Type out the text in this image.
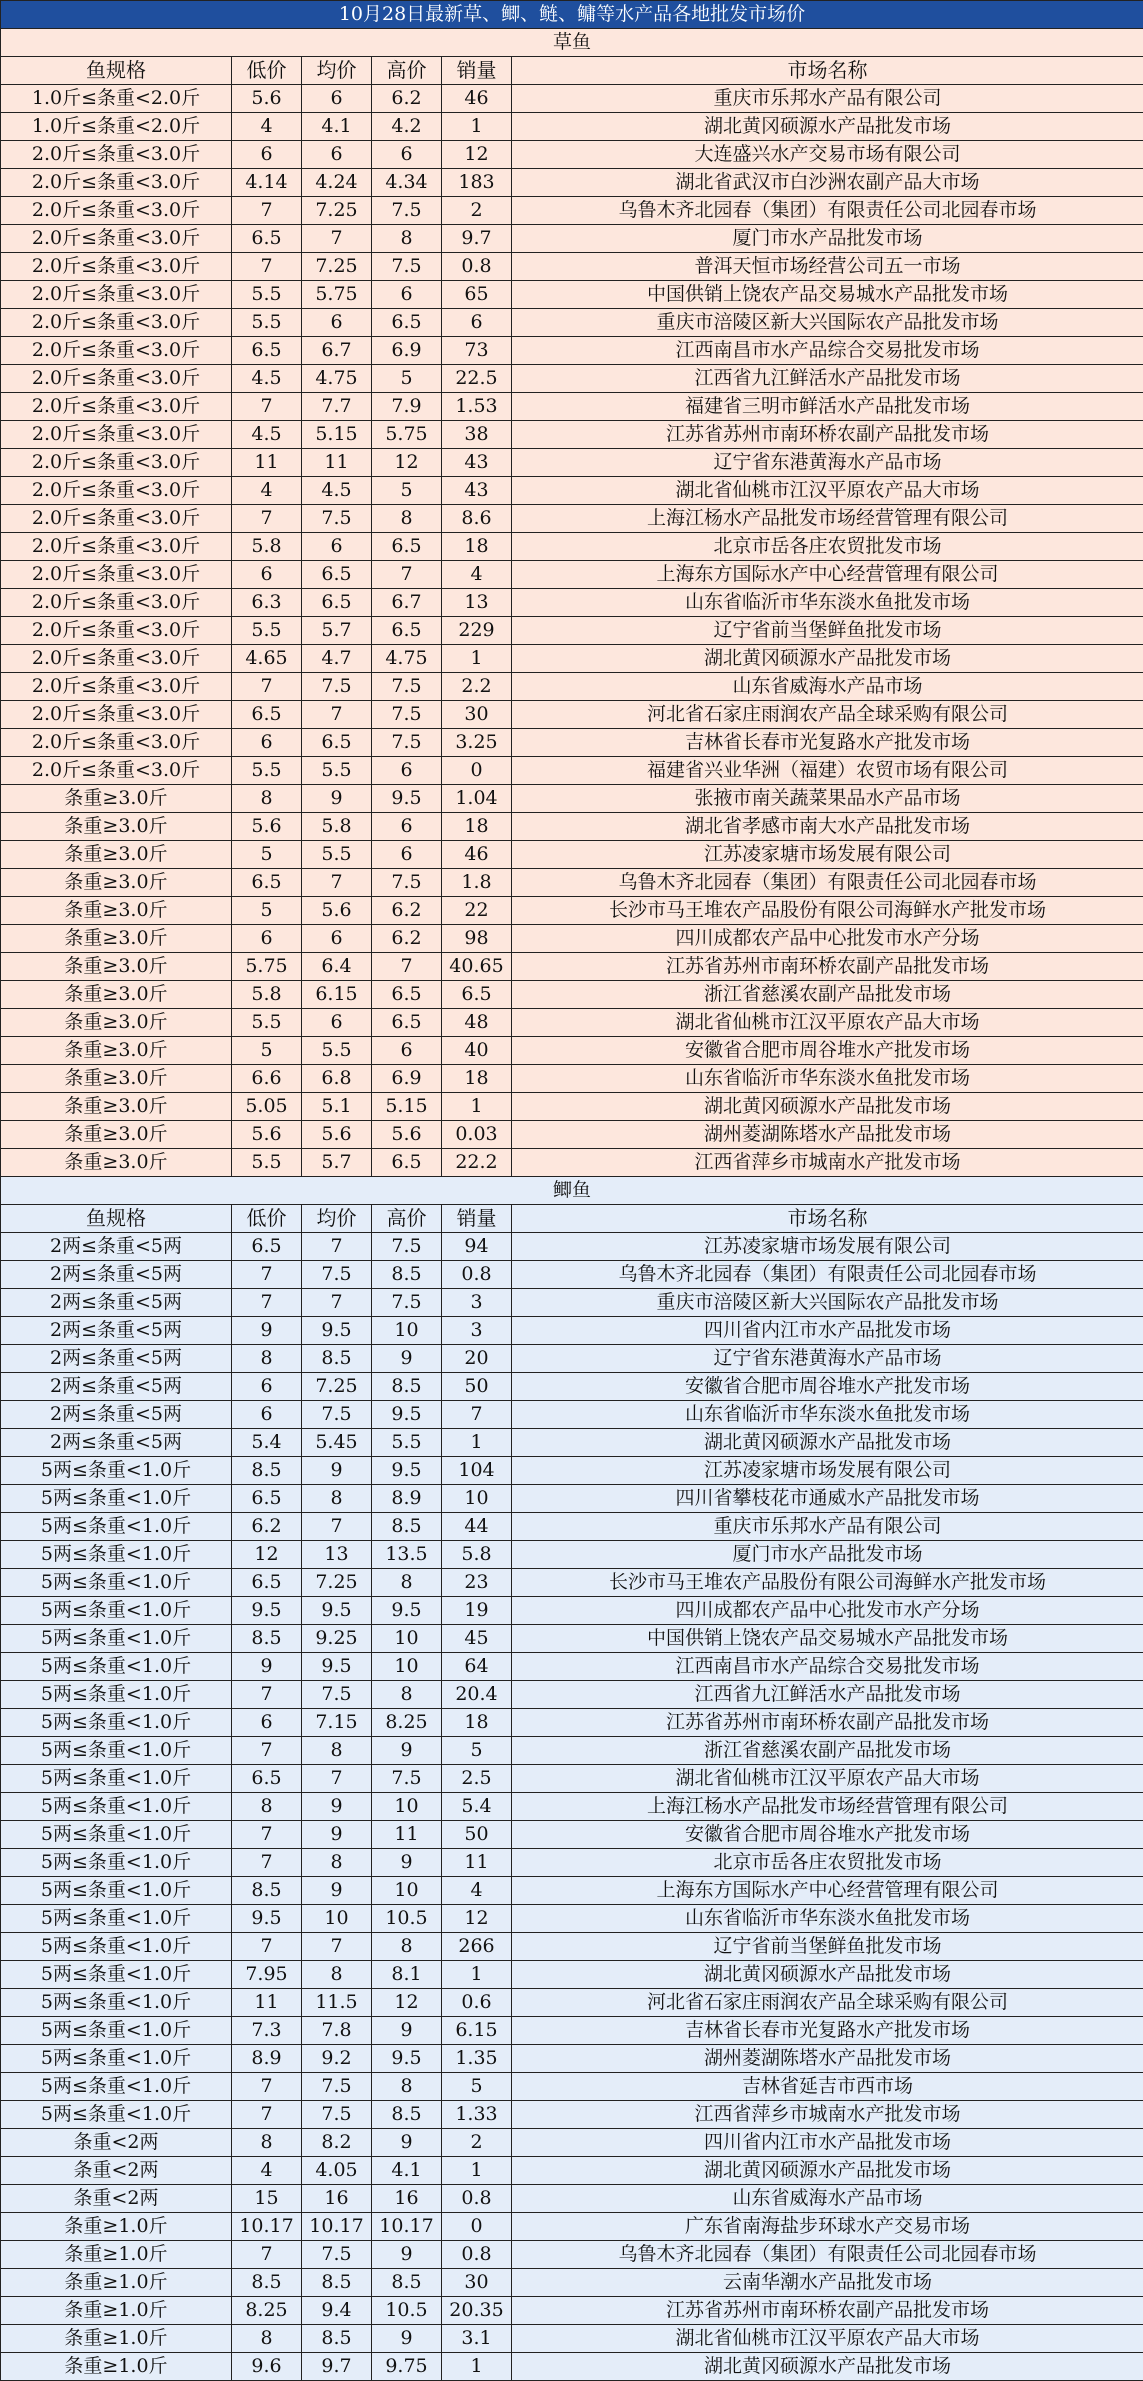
10月28日最新草、鲫、鲢、鳙等水产品各地批发市场价					
草鱼					
鱼规格	低价	均价	高价	销量	市场名称
1.0斤≤条重<2.0斤	5.6	6	6.2	46	重庆市乐邦水产品有限公司
1.0斤≤条重<2.0斤	4	4.1	4.2	1	湖北黄冈硕源水产品批发市场
2.0斤≤条重<3.0斤	6	6	6	12	大连盛兴水产交易市场有限公司
2.0斤≤条重<3.0斤	4.14	4.24	4.34	183	湖北省武汉市白沙洲农副产品大市场
2.0斤≤条重<3.0斤	7	7.25	7.5	2	乌鲁木齐北园春（集团）有限责任公司北园春市场
2.0斤≤条重<3.0斤	6.5	7	8	9.7	厦门市水产品批发市场
2.0斤≤条重<3.0斤	7	7.25	7.5	0.8	普洱天恒市场经营公司五一市场
2.0斤≤条重<3.0斤	5.5	5.75	6	65	中国供销上饶农产品交易城水产品批发市场
2.0斤≤条重<3.0斤	5.5	6	6.5	6	重庆市涪陵区新大兴国际农产品批发市场
2.0斤≤条重<3.0斤	6.5	6.7	6.9	73	江西南昌市水产品综合交易批发市场
2.0斤≤条重<3.0斤	4.5	4.75	5	22.5	江西省九江鲜活水产品批发市场
2.0斤≤条重<3.0斤	7	7.7	7.9	1.53	福建省三明市鲜活水产品批发市场
2.0斤≤条重<3.0斤	4.5	5.15	5.75	38	江苏省苏州市南环桥农副产品批发市场
2.0斤≤条重<3.0斤	11	11	12	43	辽宁省东港黄海水产品市场
2.0斤≤条重<3.0斤	4	4.5	5	43	湖北省仙桃市江汉平原农产品大市场
2.0斤≤条重<3.0斤	7	7.5	8	8.6	上海江杨水产品批发市场经营管理有限公司
2.0斤≤条重<3.0斤	5.8	6	6.5	18	北京市岳各庄农贸批发市场
2.0斤≤条重<3.0斤	6	6.5	7	4	上海东方国际水产中心经营管理有限公司
2.0斤≤条重<3.0斤	6.3	6.5	6.7	13	山东省临沂市华东淡水鱼批发市场
2.0斤≤条重<3.0斤	5.5	5.7	6.5	229	辽宁省前当堡鲜鱼批发市场
2.0斤≤条重<3.0斤	4.65	4.7	4.75	1	湖北黄冈硕源水产品批发市场
2.0斤≤条重<3.0斤	7	7.5	7.5	2.2	山东省威海水产品市场
2.0斤≤条重<3.0斤	6.5	7	7.5	30	河北省石家庄雨润农产品全球采购有限公司
2.0斤≤条重<3.0斤	6	6.5	7.5	3.25	吉林省长春市光复路水产批发市场
2.0斤≤条重<3.0斤	5.5	5.5	6	0	福建省兴业华洲（福建）农贸市场有限公司
条重≥3.0斤	8	9	9.5	1.04	张掖市南关蔬菜果品水产品市场
条重≥3.0斤	5.6	5.8	6	18	湖北省孝感市南大水产品批发市场
条重≥3.0斤	5	5.5	6	46	江苏凌家塘市场发展有限公司
条重≥3.0斤	6.5	7	7.5	1.8	乌鲁木齐北园春（集团）有限责任公司北园春市场
条重≥3.0斤	5	5.6	6.2	22	长沙市马王堆农产品股份有限公司海鲜水产批发市场
条重≥3.0斤	6	6	6.2	98	四川成都农产品中心批发市水产分场
条重≥3.0斤	5.75	6.4	7	40.65	江苏省苏州市南环桥农副产品批发市场
条重≥3.0斤	5.8	6.15	6.5	6.5	浙江省慈溪农副产品批发市场
条重≥3.0斤	5.5	6	6.5	48	湖北省仙桃市江汉平原农产品大市场
条重≥3.0斤	5	5.5	6	40	安徽省合肥市周谷堆水产批发市场
条重≥3.0斤	6.6	6.8	6.9	18	山东省临沂市华东淡水鱼批发市场
条重≥3.0斤	5.05	5.1	5.15	1	湖北黄冈硕源水产品批发市场
条重≥3.0斤	5.6	5.6	5.6	0.03	湖州菱湖陈塔水产品批发市场
条重≥3.0斤	5.5	5.7	6.5	22.2	江西省萍乡市城南水产批发市场
鲫鱼					
鱼规格	低价	均价	高价	销量	市场名称
2两≤条重<5两	6.5	7	7.5	94	江苏凌家塘市场发展有限公司
2两≤条重<5两	7	7.5	8.5	0.8	乌鲁木齐北园春（集团）有限责任公司北园春市场
2两≤条重<5两	7	7	7.5	3	重庆市涪陵区新大兴国际农产品批发市场
2两≤条重<5两	9	9.5	10	3	四川省内江市水产品批发市场
2两≤条重<5两	8	8.5	9	20	辽宁省东港黄海水产品市场
2两≤条重<5两	6	7.25	8.5	50	安徽省合肥市周谷堆水产批发市场
2两≤条重<5两	6	7.5	9.5	7	山东省临沂市华东淡水鱼批发市场
2两≤条重<5两	5.4	5.45	5.5	1	湖北黄冈硕源水产品批发市场
5两≤条重<1.0斤	8.5	9	9.5	104	江苏凌家塘市场发展有限公司
5两≤条重<1.0斤	6.5	8	8.9	10	四川省攀枝花市通威水产品批发市场
5两≤条重<1.0斤	6.2	7	8.5	44	重庆市乐邦水产品有限公司
5两≤条重<1.0斤	12	13	13.5	5.8	厦门市水产品批发市场
5两≤条重<1.0斤	6.5	7.25	8	23	长沙市马王堆农产品股份有限公司海鲜水产批发市场
5两≤条重<1.0斤	9.5	9.5	9.5	19	四川成都农产品中心批发市水产分场
5两≤条重<1.0斤	8.5	9.25	10	45	中国供销上饶农产品交易城水产品批发市场
5两≤条重<1.0斤	9	9.5	10	64	江西南昌市水产品综合交易批发市场
5两≤条重<1.0斤	7	7.5	8	20.4	江西省九江鲜活水产品批发市场
5两≤条重<1.0斤	6	7.15	8.25	18	江苏省苏州市南环桥农副产品批发市场
5两≤条重<1.0斤	7	8	9	5	浙江省慈溪农副产品批发市场
5两≤条重<1.0斤	6.5	7	7.5	2.5	湖北省仙桃市江汉平原农产品大市场
5两≤条重<1.0斤	8	9	10	5.4	上海江杨水产品批发市场经营管理有限公司
5两≤条重<1.0斤	7	9	11	50	安徽省合肥市周谷堆水产批发市场
5两≤条重<1.0斤	7	8	9	11	北京市岳各庄农贸批发市场
5两≤条重<1.0斤	8.5	9	10	4	上海东方国际水产中心经营管理有限公司
5两≤条重<1.0斤	9.5	10	10.5	12	山东省临沂市华东淡水鱼批发市场
5两≤条重<1.0斤	7	7	8	266	辽宁省前当堡鲜鱼批发市场
5两≤条重<1.0斤	7.95	8	8.1	1	湖北黄冈硕源水产品批发市场
5两≤条重<1.0斤	11	11.5	12	0.6	河北省石家庄雨润农产品全球采购有限公司
5两≤条重<1.0斤	7.3	7.8	9	6.15	吉林省长春市光复路水产批发市场
5两≤条重<1.0斤	8.9	9.2	9.5	1.35	湖州菱湖陈塔水产品批发市场
5两≤条重<1.0斤	7	7.5	8	5	吉林省延吉市西市场
5两≤条重<1.0斤	7	7.5	8.5	1.33	江西省萍乡市城南水产批发市场
条重<2两	8	8.2	9	2	四川省内江市水产品批发市场
条重<2两	4	4.05	4.1	1	湖北黄冈硕源水产品批发市场
条重<2两	15	16	16	0.8	山东省威海水产品市场
条重≥1.0斤	10.17	10.17	10.17	0	广东省南海盐步环球水产交易市场
条重≥1.0斤	7	7.5	9	0.8	乌鲁木齐北园春（集团）有限责任公司北园春市场
条重≥1.0斤	8.5	8.5	8.5	30	云南华潮水产品批发市场
条重≥1.0斤	8.25	9.4	10.5	20.35	江苏省苏州市南环桥农副产品批发市场
条重≥1.0斤	8	8.5	9	3.1	湖北省仙桃市江汉平原农产品大市场
条重≥1.0斤	9.6	9.7	9.75	1	湖北黄冈硕源水产品批发市场
